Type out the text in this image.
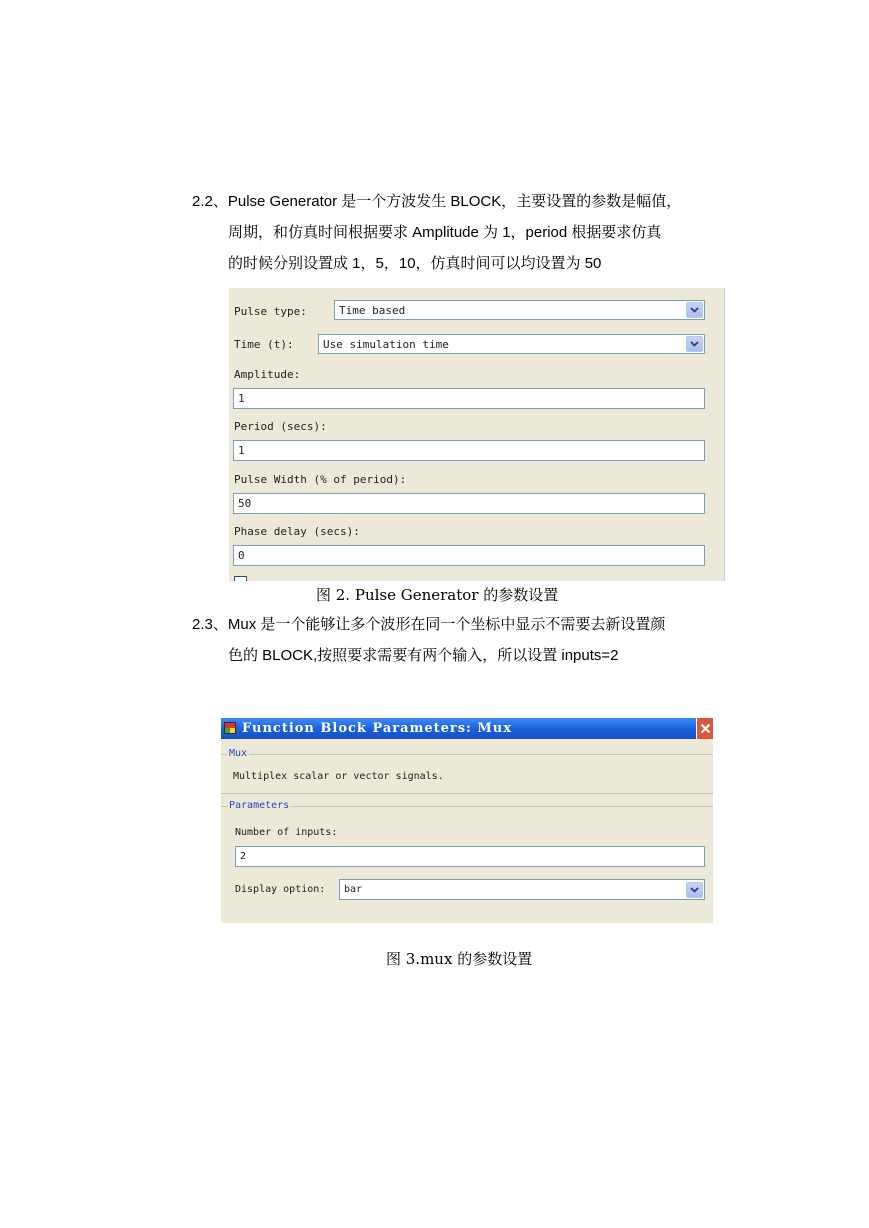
2.2、Pulse Generator 是一个方波发生 BLOCK，主要设置的参数是幅值，
周期，和仿真时间根据要求 Amplitude 为 1，period 根据要求仿真
的时候分别设置成 1，5，10，仿真时间可以均设置为 50
Pulse type:	Time based
Time (t):	Use simulation time
Amplitude:
1
Period (secs):
1
Pulse Width (% of period):
50
Phase delay (secs):
0
图 2. Pulse Generator 的参数设置
2.3、Mux 是一个能够让多个波形在同一个坐标中显示不需要去新设置颜
色的 BLOCK,按照要求需要有两个输入，所以设置 inputs=2
Function Block Parameters: Mux
Mux
Multiplex scalar or vector signals.
Parameters
Number of inputs:
2
Display option:	bar
图 3.mux 的参数设置
